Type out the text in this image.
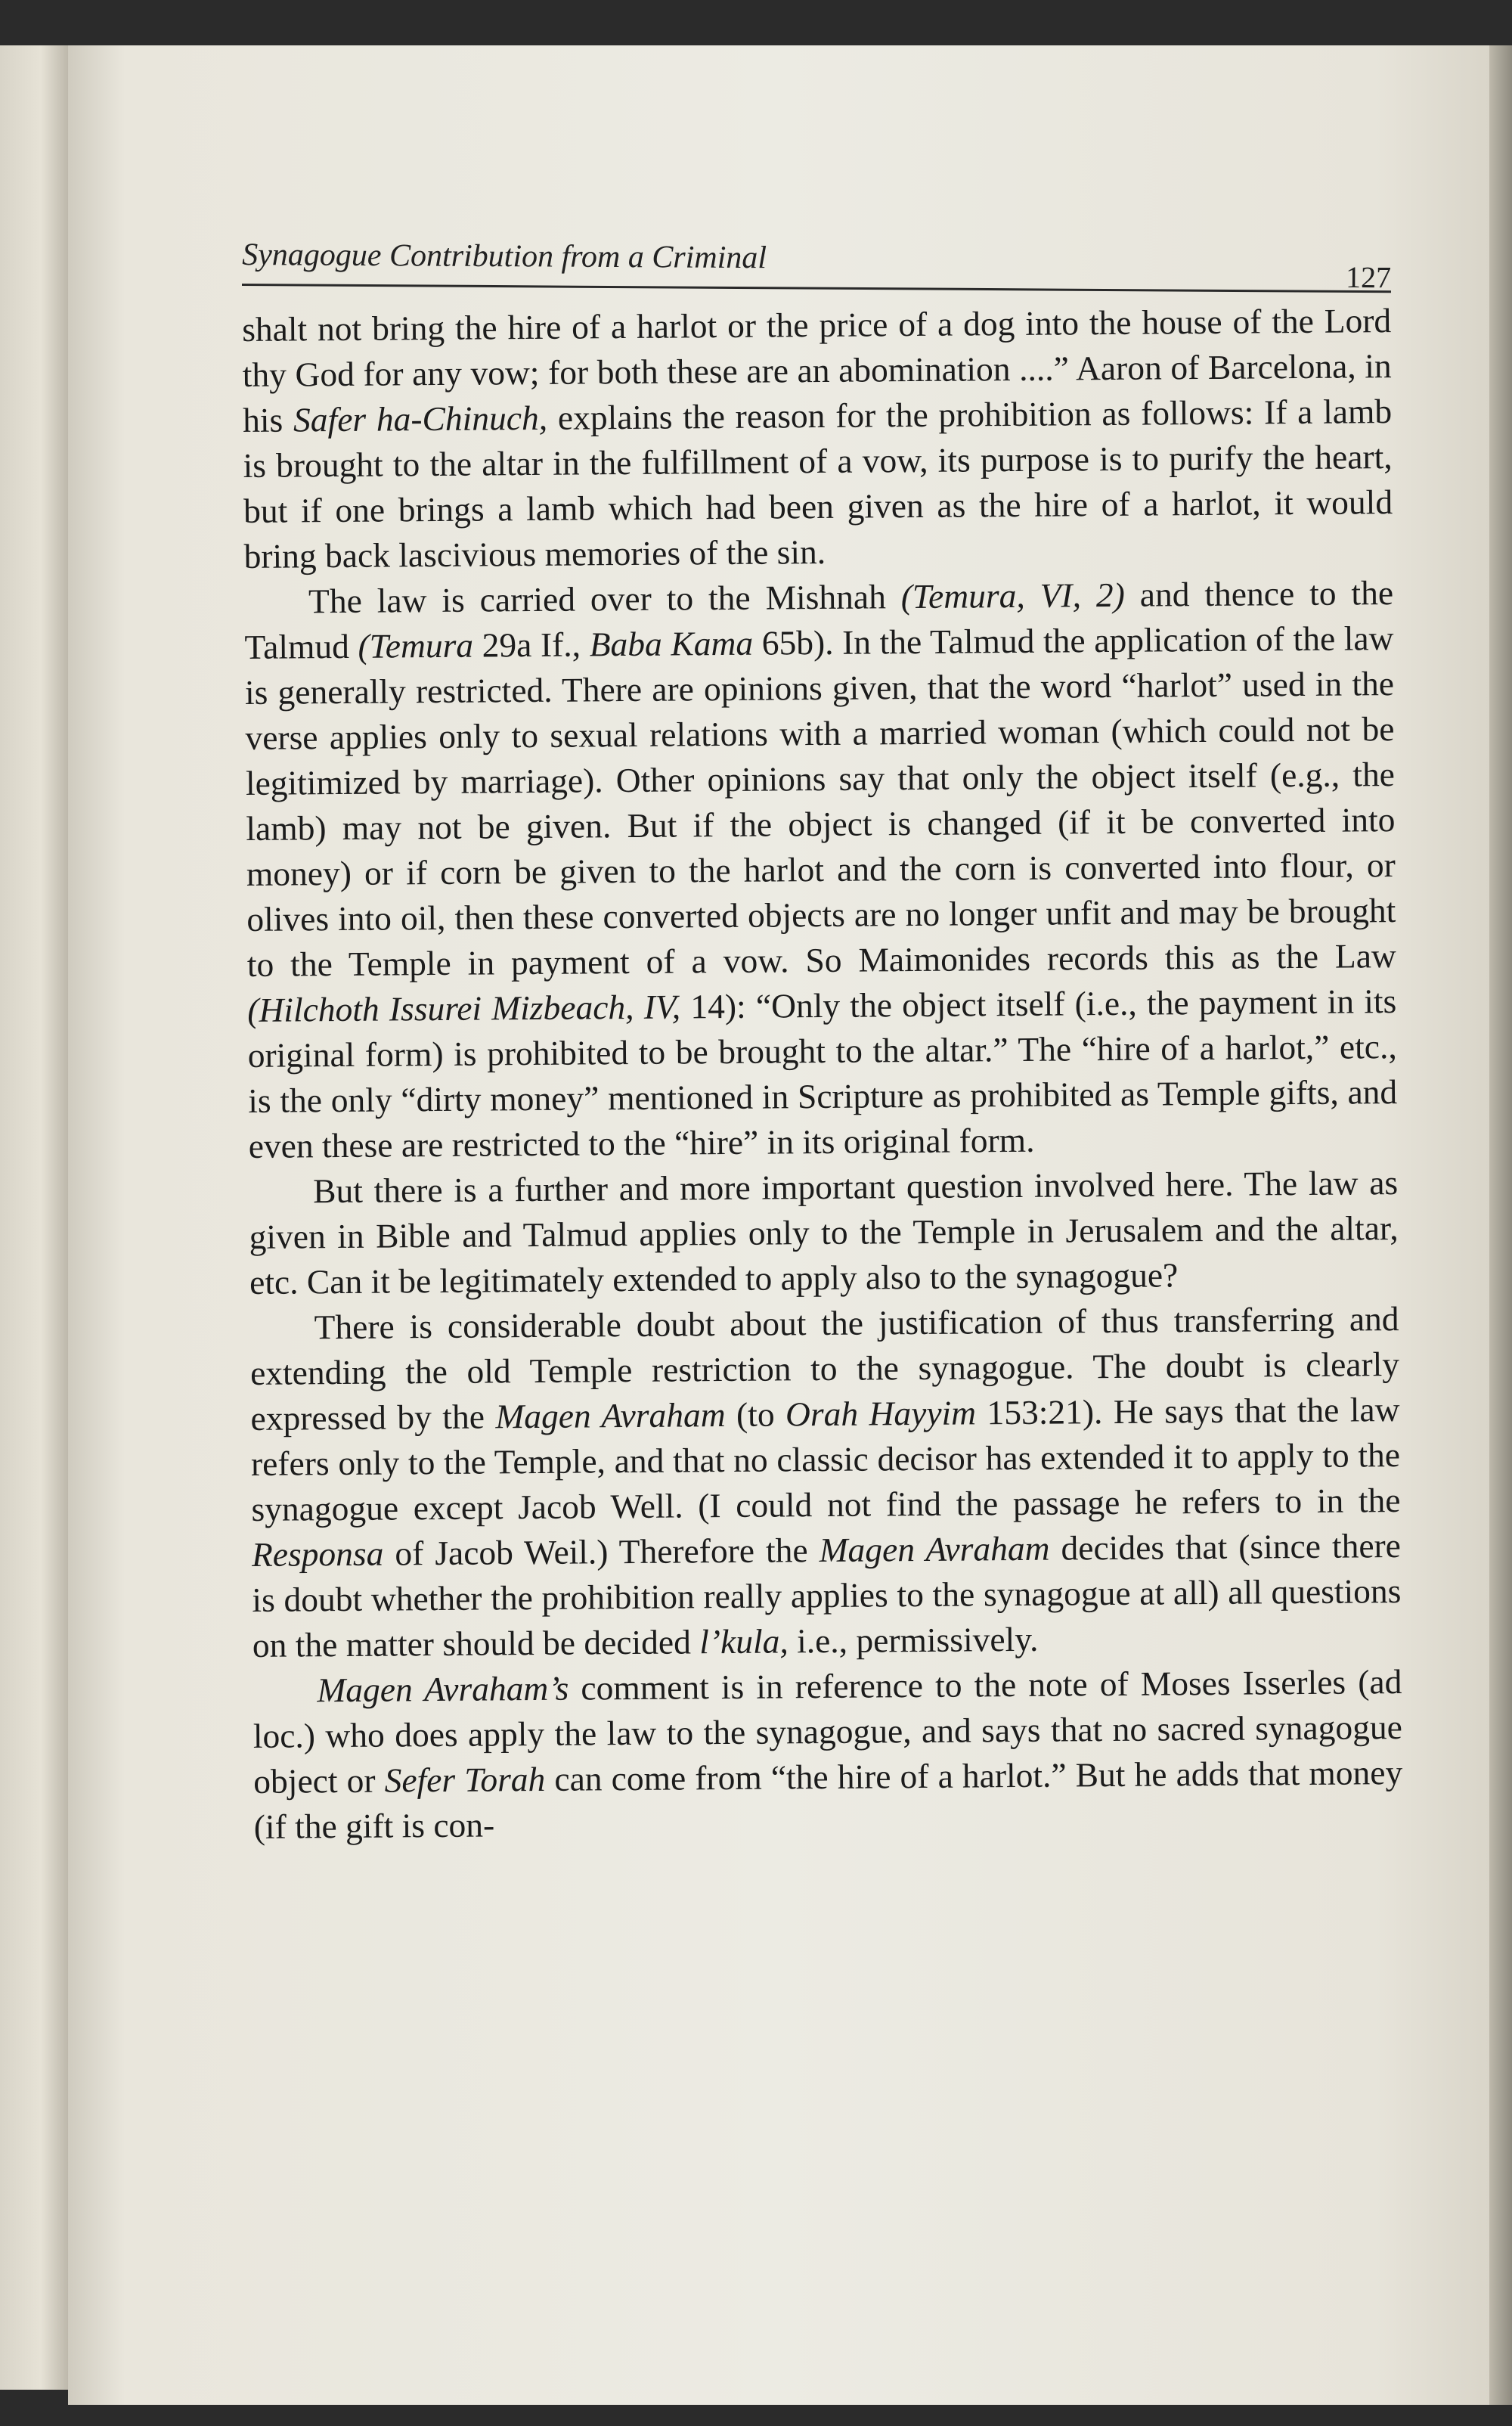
Synagogue Contribution from a Criminal
127

shalt not bring the hire of a harlot or the price of a dog into the house of the Lord thy God for any vow; for both these are an abomination ....” Aaron of Barcelona, in his Safer ha-Chinuch, explains the reason for the prohibition as follows: If a lamb is brought to the altar in the fulfillment of a vow, its purpose is to purify the heart, but if one brings a lamb which had been given as the hire of a harlot, it would bring back lascivious memories of the sin.

The law is carried over to the Mishnah (Temura, VI, 2) and thence to the Talmud (Temura 29a If., Baba Kama 65b). In the Talmud the application of the law is generally restricted. There are opinions given, that the word “harlot” used in the verse applies only to sexual relations with a married woman (which could not be legitimized by marriage). Other opinions say that only the object itself (e.g., the lamb) may not be given. But if the object is changed (if it be converted into money) or if corn be given to the harlot and the corn is converted into flour, or olives into oil, then these converted objects are no longer unfit and may be brought to the Temple in payment of a vow. So Maimonides records this as the Law (Hilchoth Issurei Mizbeach, IV, 14): “Only the object itself (i.e., the payment in its original form) is prohibited to be brought to the altar.” The “hire of a harlot,” etc., is the only “dirty money” mentioned in Scripture as prohibited as Temple gifts, and even these are restricted to the “hire” in its original form.

But there is a further and more important question involved here. The law as given in Bible and Talmud applies only to the Temple in Jerusalem and the altar, etc. Can it be legitimately extended to apply also to the synagogue?

There is considerable doubt about the justification of thus transferring and extending the old Temple restriction to the synagogue. The doubt is clearly expressed by the Magen Avraham (to Orah Hayyim 153:21). He says that the law refers only to the Temple, and that no classic decisor has extended it to apply to the synagogue except Jacob Well. (I could not find the passage he refers to in the Responsa of Jacob Weil.) Therefore the Magen Avraham decides that (since there is doubt whether the prohibition really applies to the synagogue at all) all questions on the matter should be decided l’kula, i.e., permissively.

Magen Avraham’s comment is in reference to the note of Moses Isserles (ad loc.) who does apply the law to the synagogue, and says that no sacred synagogue object or Sefer Torah can come from “the hire of a harlot.” But he adds that money (if the gift is con-
